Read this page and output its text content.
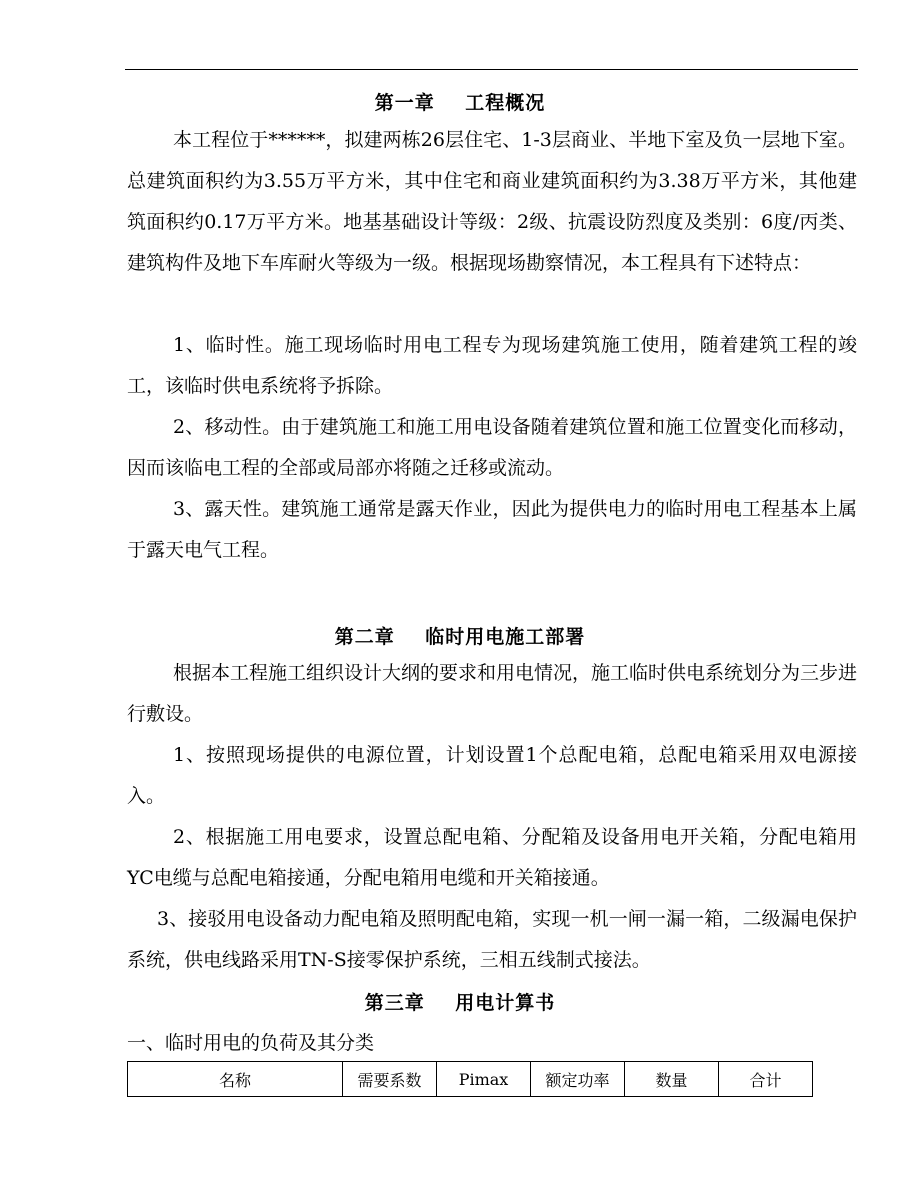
第一章    工程概况
本工程位于******，拟建两栋26层住宅、1-3层商业、半地下室及负一层地下室。总建筑面积约为3.55万平方米，其中住宅和商业建筑面积约为3.38万平方米，其他建筑面积约0.17万平方米。地基基础设计等级：2级、抗震设防烈度及类别：6度/丙类、建筑构件及地下车库耐火等级为一级。根据现场勘察情况，本工程具有下述特点：
1、临时性。施工现场临时用电工程专为现场建筑施工使用，随着建筑工程的竣工，该临时供电系统将予拆除。
2、移动性。由于建筑施工和施工用电设备随着建筑位置和施工位置变化而移动，因而该临电工程的全部或局部亦将随之迁移或流动。
3、露天性。建筑施工通常是露天作业，因此为提供电力的临时用电工程基本上属于露天电气工程。
第二章    临时用电施工部署
根据本工程施工组织设计大纲的要求和用电情况，施工临时供电系统划分为三步进行敷设。
1、按照现场提供的电源位置，计划设置1个总配电箱，总配电箱采用双电源接入。
2、根据施工用电要求，设置总配电箱、分配箱及设备用电开关箱，分配电箱用YC电缆与总配电箱接通，分配电箱用电缆和开关箱接通。
3、接驳用电设备动力配电箱及照明配电箱，实现一机一闸一漏一箱，二级漏电保护系统，供电线路采用TN-S接零保护系统，三相五线制式接法。
第三章    用电计算书
一、临时用电的负荷及其分类
名称	需要系数	Pimax	额定功率	数量	合计
